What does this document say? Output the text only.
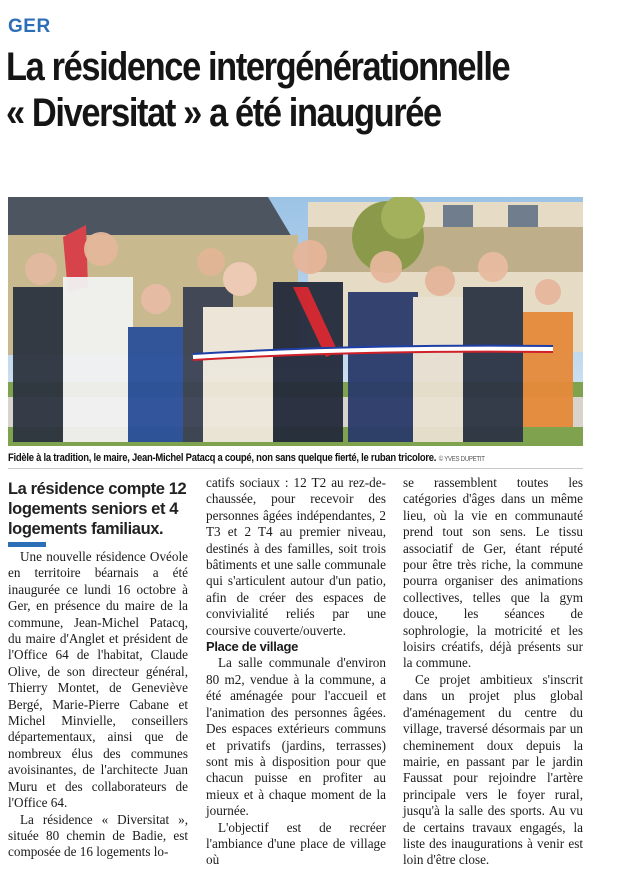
GER
La résidence intergénérationnelle
« Diversitat » a été inaugurée
Fidèle à la tradition, le maire, Jean-Michel Patacq a coupé, non sans quelque fierté, le ruban tricolore. © YVES DUPETIT
La résidence compte 12 logements seniors et 4 logements familiaux.

Une nouvelle résidence Ovéole en territoire béarnais a été inaugurée ce lundi 16 octobre à Ger, en présence du maire de la commune, Jean-Michel Patacq, du maire d'Anglet et président de l'Office 64 de l'habitat, Claude Olive, de son directeur général, Thierry Montet, de Geneviève Bergé, Marie-Pierre Cabane et Michel Minvielle, conseillers départementaux, ainsi que de nombreux élus des communes avoisinantes, de l'architecte Juan Muru et des collaborateurs de l'Office 64.

La résidence « Diversitat », située 80 chemin de Badie, est composée de 16 logements lo-

catifs sociaux : 12 T2 au rez-de-chaussée, pour recevoir des personnes âgées indépendantes, 2 T3 et 2 T4 au premier niveau, destinés à des familles, soit trois bâtiments et une salle communale qui s'articulent autour d'un patio, afin de créer des espaces de convivialité reliés par une coursive couverte/ouverte.

Place de village

La salle communale d'environ 80 m2, vendue à la commune, a été aménagée pour l'accueil et l'animation des personnes âgées. Des espaces extérieurs communs et privatifs (jardins, terrasses) sont mis à disposition pour que chacun puisse en profiter au mieux et à chaque moment de la journée.

L'objectif est de recréer l'ambiance d'une place de village où

se rassemblent toutes les catégories d'âges dans un même lieu, où la vie en communauté prend tout son sens. Le tissu associatif de Ger, étant réputé pour être très riche, la commune pourra organiser des animations collectives, telles que la gym douce, les séances de sophrologie, la motricité et les loisirs créatifs, déjà présents sur la commune.

Ce projet ambitieux s'inscrit dans un projet plus global d'aménagement du centre du village, traversé désormais par un cheminement doux depuis la mairie, en passant par le jardin Faussat pour rejoindre l'artère principale vers le foyer rural, jusqu'à la salle des sports. Au vu de certains travaux engagés, la liste des inaugurations à venir est loin d'être close.
